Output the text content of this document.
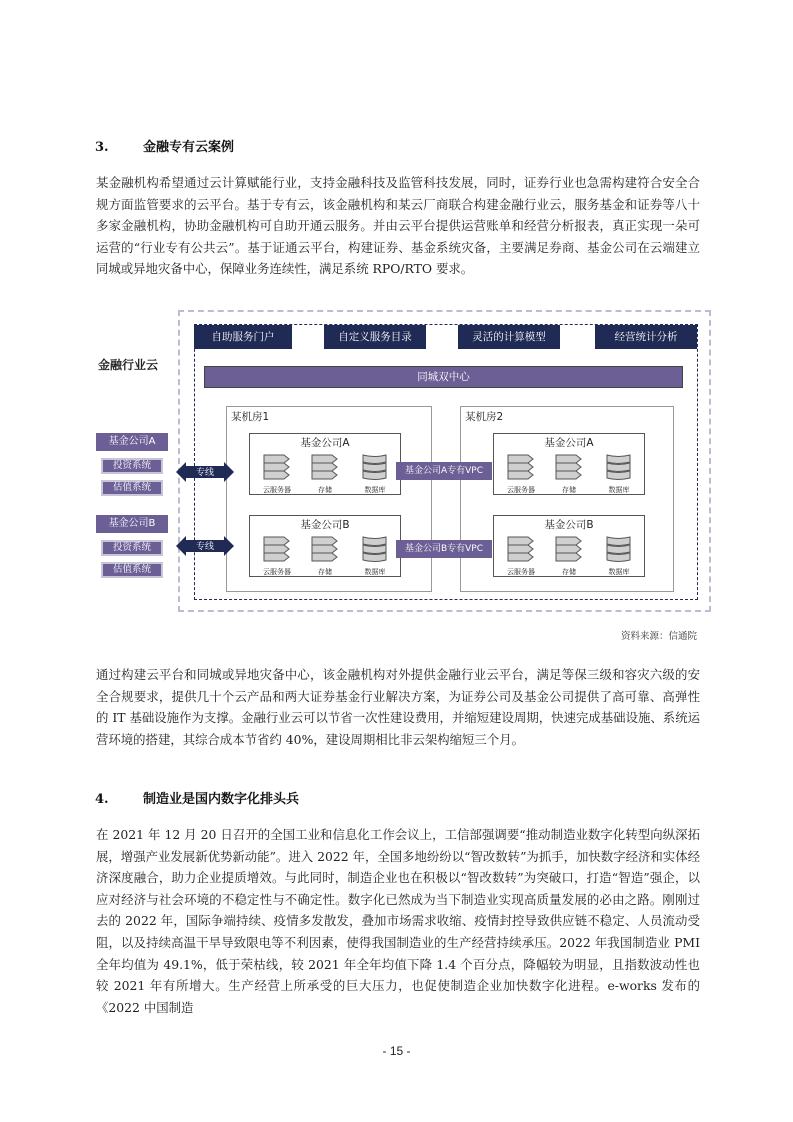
3.	金融专有云案例

某金融机构希望通过云计算赋能行业，支持金融科技及监管科技发展，同时，证券行业也急需构建符合安全合规方面监管要求的云平台。基于专有云，该金融机构和某云厂商联合构建金融行业云，服务基金和证券等八十多家金融机构，协助金融机构可自助开通云服务。并由云平台提供运营账单和经营分析报表，真正实现一朵可运营的“行业专有公共云”。基于证通云平台，构建证券、基金系统灾备，主要满足券商、基金公司在云端建立同城或异地灾备中心，保障业务连续性，满足系统 RPO/RTO 要求。

金融行业云
自助服务门户	自定义服务目录	灵活的计算模型	经营统计分析
同城双中心
某机房1
基金公司A
云服务器	存储	数据库
基金公司B
云服务器	存储	数据库
某机房2
基金公司A
云服务器	存储	数据库
基金公司B
云服务器	存储	数据库
基金公司A专有VPC
基金公司B专有VPC
基金公司A
投资系统
估值系统
基金公司B
投资系统
估值系统
专线
专线
资料来源：信通院

通过构建云平台和同城或异地灾备中心，该金融机构对外提供金融行业云平台，满足等保三级和容灾六级的安全合规要求，提供几十个云产品和两大证券基金行业解决方案，为证券公司及基金公司提供了高可靠、高弹性的 IT 基础设施作为支撑。金融行业云可以节省一次性建设费用，并缩短建设周期，快速完成基础设施、系统运营环境的搭建，其综合成本节省约 40%，建设周期相比非云架构缩短三个月。

4.	制造业是国内数字化排头兵

在 2021 年 12 月 20 日召开的全国工业和信息化工作会议上，工信部强调要“推动制造业数字化转型向纵深拓展，增强产业发展新优势新动能”。进入 2022 年，全国多地纷纷以“智改数转”为抓手，加快数字经济和实体经济深度融合，助力企业提质增效。与此同时，制造企业也在积极以“智改数转”为突破口，打造“智造”强企，以应对经济与社会环境的不稳定性与不确定性。数字化已然成为当下制造业实现高质量发展的必由之路。刚刚过去的 2022 年，国际争端持续、疫情多发散发，叠加市场需求收缩、疫情封控导致供应链不稳定、人员流动受阻，以及持续高温干旱导致限电等不利因素，使得我国制造业的生产经营持续承压。2022 年我国制造业 PMI 全年均值为 49.1%，低于荣枯线，较 2021 年全年均值下降 1.4 个百分点，降幅较为明显，且指数波动性也较 2021 年有所增大。生产经营上所承受的巨大压力，也促使制造企业加快数字化进程。e-works 发布的《2022 中国制造

- 15 -
